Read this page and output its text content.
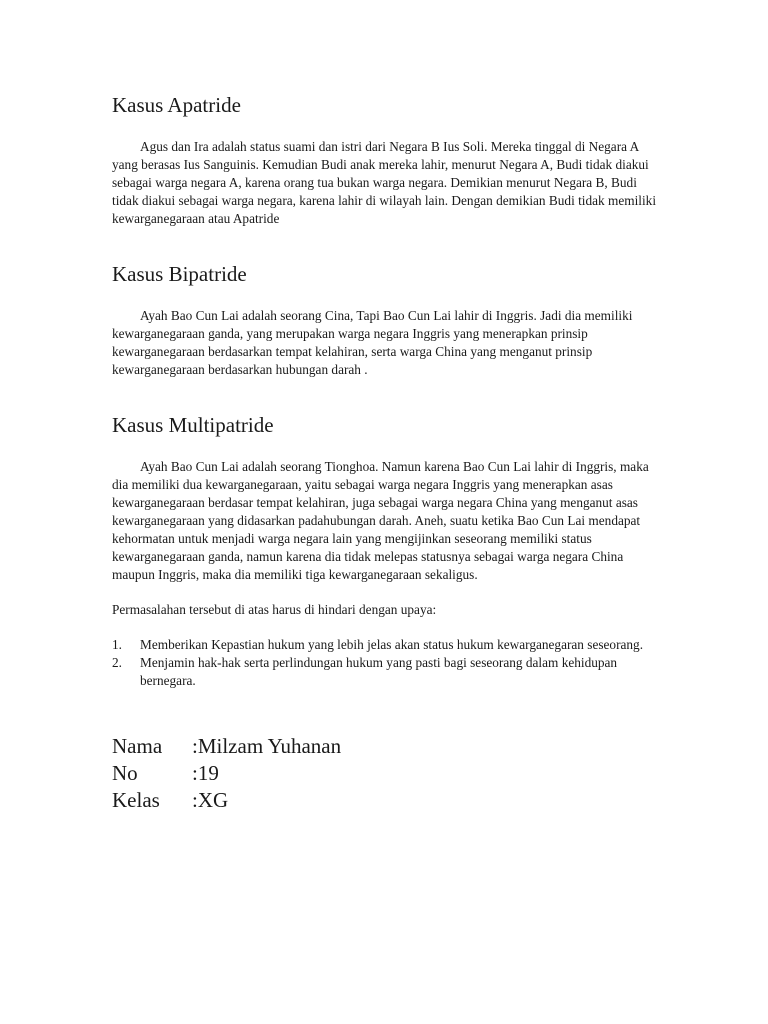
Kasus Apatride

Agus dan Ira adalah status suami dan istri dari Negara B Ius Soli. Mereka tinggal di Negara A yang berasas Ius Sanguinis. Kemudian Budi anak mereka lahir, menurut Negara A, Budi tidak diakui sebagai warga negara A, karena orang tua bukan warga negara. Demikian menurut Negara B, Budi tidak diakui sebagai warga negara, karena lahir di wilayah lain. Dengan demikian Budi tidak memiliki kewarganegaraan atau Apatride

Kasus Bipatride

Ayah Bao Cun Lai adalah seorang Cina, Tapi Bao Cun Lai lahir di Inggris. Jadi dia memiliki kewarganegaraan ganda, yang merupakan warga negara Inggris yang menerapkan prinsip kewarganegaraan berdasarkan tempat kelahiran, serta warga China yang menganut prinsip kewarganegaraan berdasarkan hubungan darah .

Kasus Multipatride

Ayah Bao Cun Lai adalah seorang Tionghoa. Namun karena Bao Cun Lai lahir di Inggris, maka dia memiliki dua kewarganegaraan, yaitu sebagai warga negara Inggris yang menerapkan asas kewarganegaraan berdasar tempat kelahiran, juga sebagai warga negara China yang menganut asas kewarganegaraan yang didasarkan padahubungan darah. Aneh, suatu ketika Bao Cun Lai mendapat kehormatan untuk menjadi warga negara lain yang mengijinkan seseorang memiliki status kewarganegaraan ganda, namun karena dia tidak melepas statusnya sebagai warga negara China maupun Inggris, maka dia memiliki tiga kewarganegaraan sekaligus.

Permasalahan tersebut di atas harus di hindari dengan upaya:

1. Memberikan Kepastian hukum yang lebih jelas akan status hukum kewarganegaran seseorang.
2. Menjamin hak-hak serta perlindungan hukum yang pasti bagi seseorang dalam kehidupan bernegara.
Nama	:Milzam Yuhanan
No	:19
Kelas	:XG
